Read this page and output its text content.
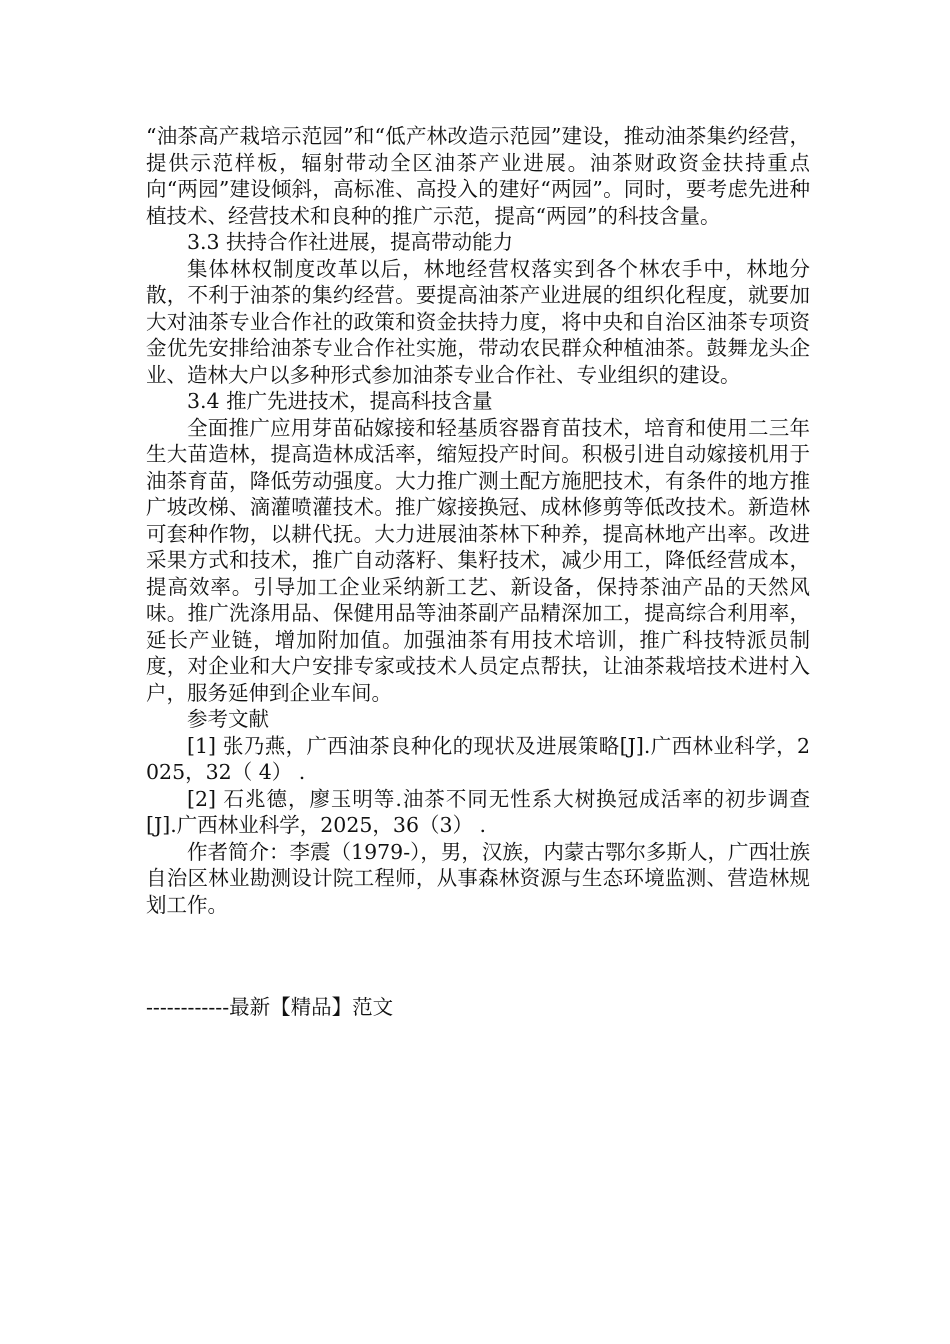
“油茶高产栽培示范园”和“低产林改造示范园”建设，推动油茶集约经营，提供示范样板，辐射带动全区油茶产业进展。油茶财政资金扶持重点向“两园”建设倾斜，高标准、高投入的建好“两园”。同时，要考虑先进种植技术、经营技术和良种的推广示范，提高“两园”的科技含量。

3.3 扶持合作社进展，提高带动能力

集体林权制度改革以后，林地经营权落实到各个林农手中，林地分散，不利于油茶的集约经营。要提高油茶产业进展的组织化程度，就要加大对油茶专业合作社的政策和资金扶持力度，将中央和自治区油茶专项资金优先安排给油茶专业合作社实施，带动农民群众种植油茶。鼓舞龙头企业、造林大户以多种形式参加油茶专业合作社、专业组织的建设。

3.4 推广先进技术，提高科技含量

全面推广应用芽苗砧嫁接和轻基质容器育苗技术，培育和使用二三年生大苗造林，提高造林成活率，缩短投产时间。积极引进自动嫁接机用于油茶育苗，降低劳动强度。大力推广测土配方施肥技术，有条件的地方推广坡改梯、滴灌喷灌技术。推广嫁接换冠、成林修剪等低改技术。新造林可套种作物，以耕代抚。大力进展油茶林下种养，提高林地产出率。改进采果方式和技术，推广自动落籽、集籽技术，减少用工，降低经营成本，提高效率。引导加工企业采纳新工艺、新设备，保持茶油产品的天然风味。推广洗涤用品、保健用品等油茶副产品精深加工，提高综合利用率，延长产业链，增加附加值。加强油茶有用技术培训，推广科技特派员制度，对企业和大户安排专家或技术人员定点帮扶，让油茶栽培技术进村入户，服务延伸到企业车间。

参考文献

[1] 张乃燕，广西油茶良种化的现状及进展策略[J].广西林业科学，2025，32（ 4） .

[2] 石兆德，廖玉明等.油茶不同无性系大树换冠成活率的初步调查[J].广西林业科学，2025，36（3） .

作者简介：李震（1979-），男，汉族，内蒙古鄂尔多斯人，广西壮族自治区林业勘测设计院工程师，从事森林资源与生态环境监测、营造林规划工作。

------------最新【精品】范文
